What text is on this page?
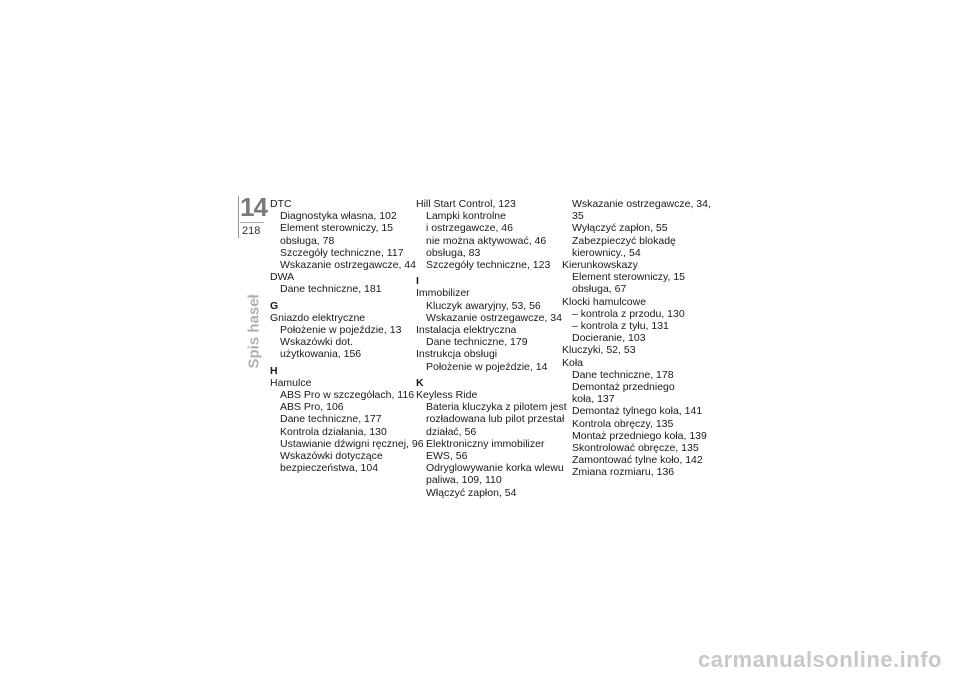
14
218
Spis haseł
DTC
Diagnostyka własna, 102
Element sterowniczy, 15
obsługa, 78
Szczegóły techniczne, 117
Wskazanie ostrzegawcze, 44
DWA
Dane techniczne, 181
G
Gniazdo elektryczne
Położenie w pojeździe, 13
Wskazówki dot.
użytkowania, 156
H
Hamulce
ABS Pro w szczegółach, 116
ABS Pro, 106
Dane techniczne, 177
Kontrola działania, 130
Ustawianie dźwigni ręcznej, 96
Wskazówki dotyczące
bezpieczeństwa, 104
Hill Start Control, 123
Lampki kontrolne
i ostrzegawcze, 46
nie można aktywować, 46
obsługa, 83
Szczegóły techniczne, 123
I
Immobilizer
Kluczyk awaryjny, 53, 56
Wskazanie ostrzegawcze, 34
Instalacja elektryczna
Dane techniczne, 179
Instrukcja obsługi
Położenie w pojeździe, 14
K
Keyless Ride
Bateria kluczyka z pilotem jest
rozładowana lub pilot przestał
działać, 56
Elektroniczny immobilizer
EWS, 56
Odryglowywanie korka wlewu
paliwa, 109, 110
Włączyć zapłon, 54
Wskazanie ostrzegawcze, 34,
35
Wyłączyć zapłon, 55
Zabezpieczyć blokadę
kierownicy., 54
Kierunkowskazy
Element sterowniczy, 15
obsługa, 67
Klocki hamulcowe
– kontrola z przodu, 130
– kontrola z tyłu, 131
Docieranie, 103
Kluczyki, 52, 53
Koła
Dane techniczne, 178
Demontaż przedniego
koła, 137
Demontaż tylnego koła, 141
Kontrola obręczy, 135
Montaż przedniego koła, 139
Skontrolować obręcze, 135
Zamontować tylne koło, 142
Zmiana rozmiaru, 136
carmanualsonline.info
